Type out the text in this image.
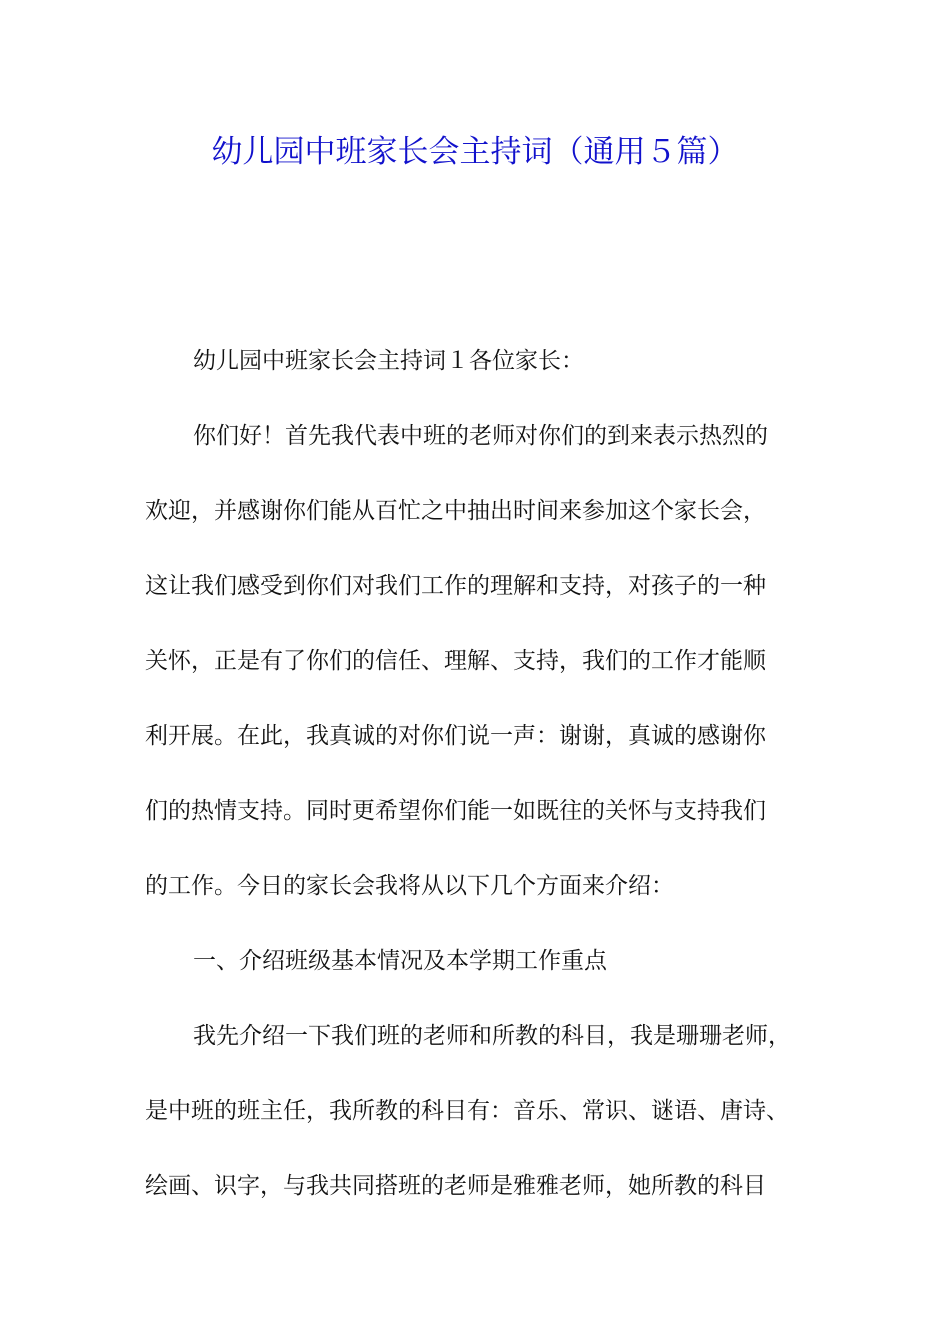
幼儿园中班家长会主持词（通用５篇）
幼儿园中班家长会主持词１各位家长：
你们好！首先我代表中班的老师对你们的到来表示热烈的
欢迎，并感谢你们能从百忙之中抽出时间来参加这个家长会，
这让我们感受到你们对我们工作的理解和支持，对孩子的一种
关怀，正是有了你们的信任、理解、支持，我们的工作才能顺
利开展。在此，我真诚的对你们说一声：谢谢，真诚的感谢你
们的热情支持。同时更希望你们能一如既往的关怀与支持我们
的工作。今日的家长会我将从以下几个方面来介绍：
一、介绍班级基本情况及本学期工作重点
我先介绍一下我们班的老师和所教的科目，我是珊珊老师，
是中班的班主任，我所教的科目有：音乐、常识、谜语、唐诗、
绘画、识字，与我共同搭班的老师是雅雅老师，她所教的科目
